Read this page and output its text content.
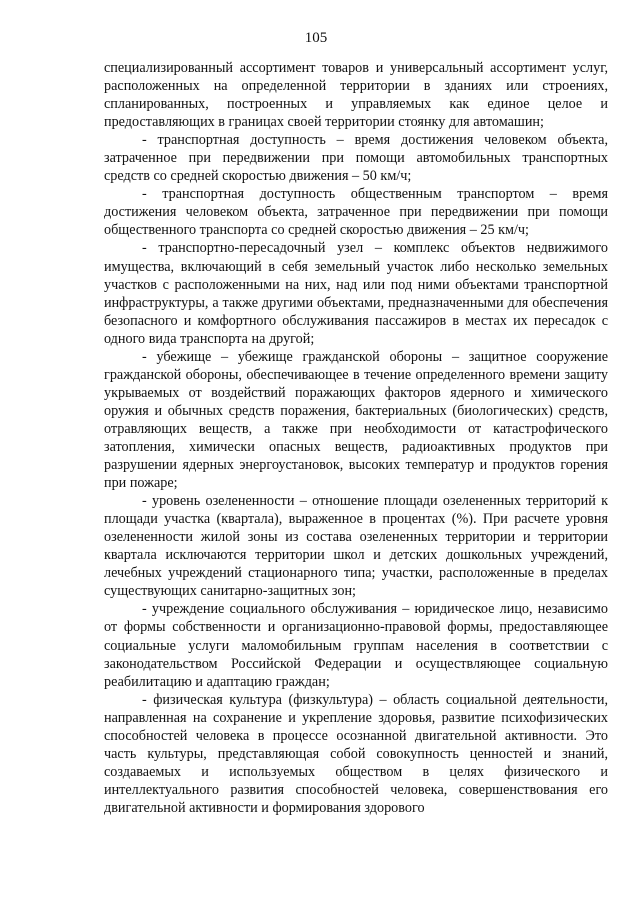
105

специализированный ассортимент товаров и универсальный ассортимент услуг, расположенных на определенной территории в зданиях или строениях, спланированных, построенных и управляемых как единое целое и предоставляющих в границах своей территории стоянку для автомашин;

- транспортная доступность – время достижения человеком объекта, затраченное при передвижении при помощи автомобильных транспортных средств со средней скоростью движения – 50 км/ч;

- транспортная доступность общественным транспортом – время достижения человеком объекта, затраченное при передвижении при помощи общественного транспорта со средней скоростью движения – 25 км/ч;

- транспортно-пересадочный узел – комплекс объектов недвижимого имущества, включающий в себя земельный участок либо несколько земельных участков с расположенными на них, над или под ними объектами транспортной инфраструктуры, а также другими объектами, предназначенными для обеспечения безопасного и комфортного обслуживания пассажиров в местах их пересадок с одного вида транспорта на другой;

- убежище – убежище гражданской обороны – защитное сооружение гражданской обороны, обеспечивающее в течение определенного времени защиту укрываемых от воздействий поражающих факторов ядерного и химического оружия и обычных средств поражения, бактериальных (биологических) средств, отравляющих веществ, а также при необходимости от катастрофического затопления, химически опасных веществ, радиоактивных продуктов при разрушении ядерных энергоустановок, высоких температур и продуктов горения при пожаре;

- уровень озелененности – отношение площади озелененных территорий к площади участка (квартала), выраженное в процентах (%). При расчете уровня озелененности жилой зоны из состава озелененных территории и территории квартала исключаются территории школ и детских дошкольных учреждений, лечебных учреждений стационарного типа; участки, расположенные в пределах существующих санитарно-защитных зон;

- учреждение социального обслуживания – юридическое лицо, независимо от формы собственности и организационно-правовой формы, предоставляющее социальные услуги маломобильным группам населения в соответствии с законодательством Российской Федерации и осуществляющее социальную реабилитацию и адаптацию граждан;

- физическая культура (физкультура) – область социальной деятельности, направленная на сохранение и укрепление здоровья, развитие психофизических способностей человека в процессе осознанной двигательной активности. Это часть культуры, представляющая собой совокупность ценностей и знаний, создаваемых и используемых обществом в целях физического и интеллектуального развития способностей человека, совершенствования его двигательной активности и формирования здорового
